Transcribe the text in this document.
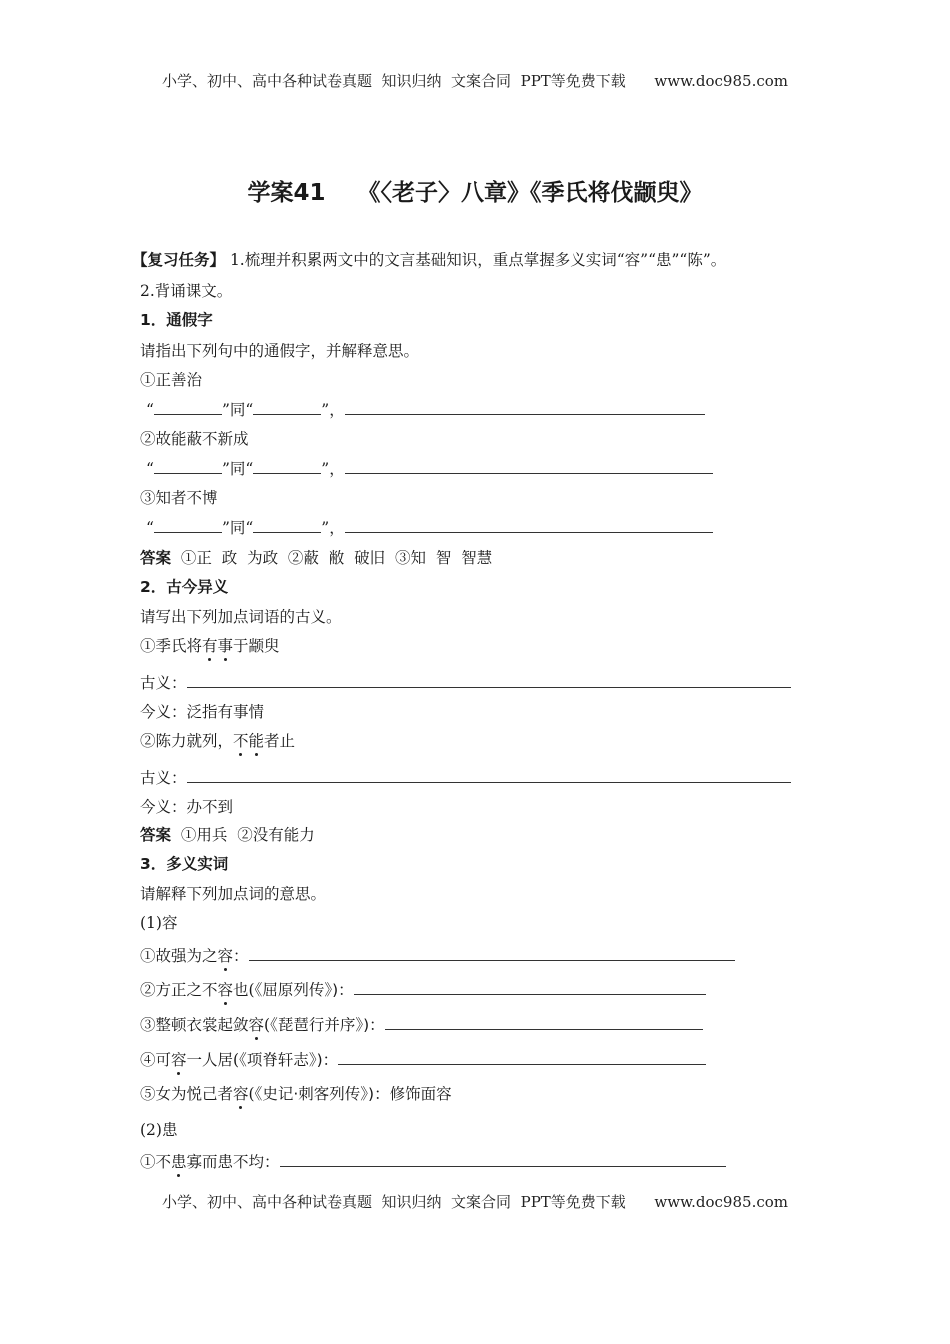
小学、初中、高中各种试卷真题  知识归纳  文案合同  PPT等免费下载      www.doc985.com
学案41    《〈老子〉八章》《季氏将伐颛臾》
【复习任务】 1.梳理并积累两文中的文言基础知识，重点掌握多义实词“容”“患”“陈”。
2.背诵课文。
1．通假字
请指出下列句中的通假字，并解释意思。
①正善治
“	”同“	”，
②故能蔽不新成
“	”同“	”，
③知者不博
“	”同“	”，
答案  ①正  政  为政  ②蔽  敝  破旧  ③知  智  智慧
2．古今异义
请写出下列加点词语的古义。
①季氏将有事于颛臾
古义：
今义：泛指有事情
②陈力就列，不能者止
古义：
今义：办不到
答案  ①用兵  ②没有能力
3．多义实词
请解释下列加点词的意思。
(1)容
①故强为之容：
②方正之不容也(《屈原列传》)：
③整顿衣裳起敛容(《琵琶行并序》)：
④可容一人居(《项脊轩志》)：
⑤女为悦己者容(《史记·刺客列传》)：修饰面容
(2)患
①不患寡而患不均：
小学、初中、高中各种试卷真题  知识归纳  文案合同  PPT等免费下载      www.doc985.com
